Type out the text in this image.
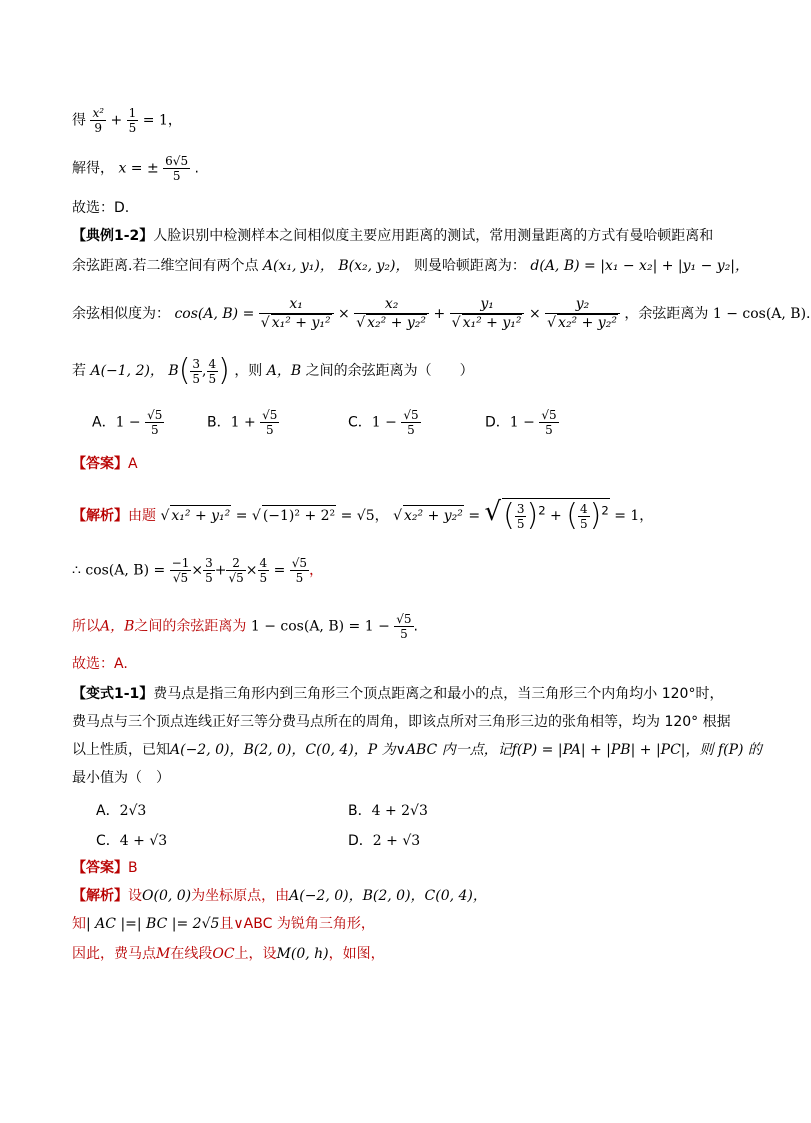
得 $\frac{\text{x²}}{9} + \frac{1}{5} = 1$，
解得， x = ± $\frac{6√5}{5}$ .
故选：D.
【典例1-2】人脸识别中检测样本之间相似度主要应用距离的测试，常用测量距离的方式有曼哈顿距离和
余弦距离.若二维空间有两个点 A(x₁, y₁)， B(x₂, y₂)， 则曼哈顿距离为： d(A, B) = |x₁ − x₂| + |y₁ − y₂|，
余弦相似度为： cos(A, $B) = \frac{\text{x₁}}{\text{√ x₁² + y₁²}} \times \frac{\text{x₂}}{\text{√ x₂² + y₂²}} + \frac{\text{y₁}}{\text{√ x₁² + y₁²}} \times \frac{\text{y₂}}{\text{√ x₂² + y₂²}}$ ，余弦距离为 1 − cos(A, B).
若 A(−1, 2)， $B( \frac{3}{5}$ , $\frac{4}{5}$ ) ，则 A，B 之间的余弦距离为（　　）
A．$1 - \frac{√5}{5}$	B．$1 + \frac{√5}{5}$	C．$1 - \frac{√5}{5}$	D．$1 - \frac{√5}{5}$
【答案】A
【解析】由题 √ x₁² + y₁² = √ (−1)² + 2² = √5， √ x₂² + y₂² = √( $\frac{3}{5} )^2$ + ( $\frac{4}{5} )^2 = 1$，
∴ cos(A, $B) = \frac{-1}{√5} \times \frac{3}{5} + \frac{2}{√5} \times \frac{4}{5} = \frac{√5}{5}$ ，
所以A，B之间的余弦距离为 1 − cos(A, $B) = 1 - \frac{√5}{5}$ .
故选：A.
【变式1-1】费马点是指三角形内到三角形三个顶点距离之和最小的点，当三角形三个内角均小 120°时，
费马点与三个顶点连线正好三等分费马点所在的周角，即该点所对三角形三边的张角相等，均为 120° 根据
以上性质，已知A(−2, 0)，B(2, 0)，C(0, 4)，P 为∨ABC 内一点，记f(P) = |PA| + |PB| + |PC|，则 f(P) 的
最小值为（　）
A．2√3	B．4 + 2√3
C．4 + √3	D．2 + √3
【答案】B
【解析】设O(0, 0)为坐标原点，由A(−2, 0)，B(2, 0)，C(0, 4)，
知| AC |=| BC |= 2√5且∨ABC 为锐角三角形，
因此，费马点M在线段OC上，设M(0, h)，如图，
